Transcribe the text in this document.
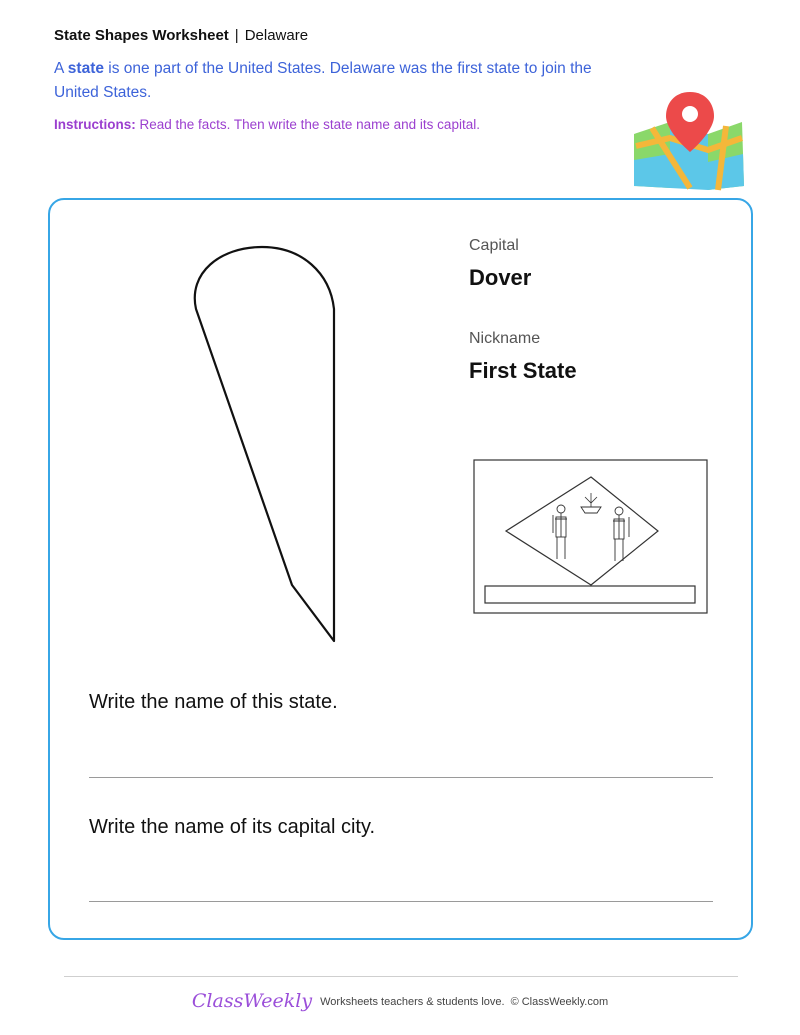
State Shapes Worksheet | Delaware
A state is one part of the United States. Delaware was the first state to join the United States.
Instructions: Read the facts. Then write the state name and its capital.
Capital
Dover
Nickname
First State
Write the name of this state.
Write the name of its capital city.
ClassWeekly Worksheets teachers & students love. © ClassWeekly.com
